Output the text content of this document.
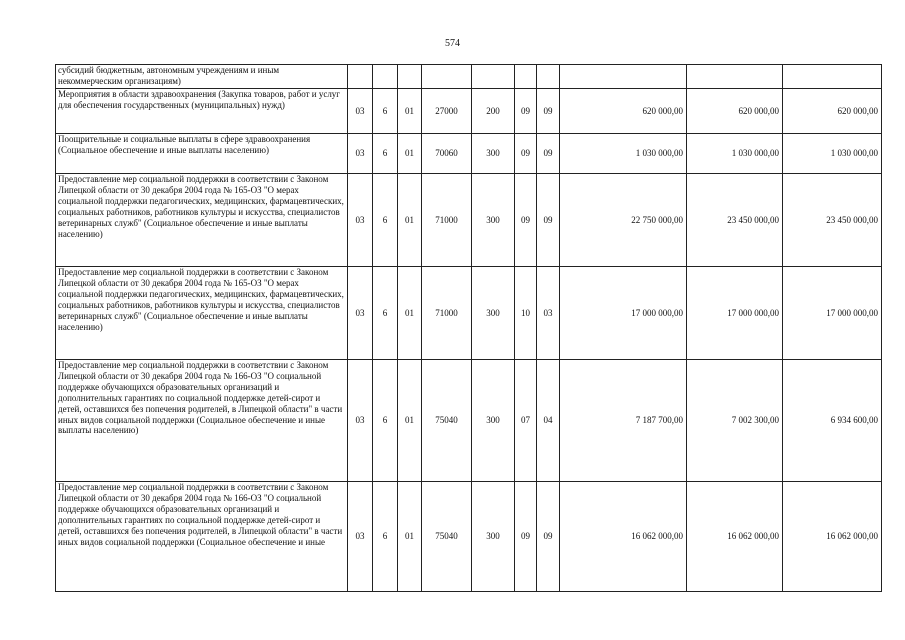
574
субсидий бюджетным, автономным учреждениям и иным некоммерческим организациям)										
Мероприятия в области здравоохранения (Закупка товаров, работ и услуг для обеспечения государственных (муниципальных) нужд)	03	6	01	27000	200	09	09	620 000,00	620 000,00	620 000,00
Поощрительные и социальные выплаты в сфере здравоохранения (Социальное обеспечение и иные выплаты населению)	03	6	01	70060	300	09	09	1 030 000,00	1 030 000,00	1 030 000,00
Предоставление мер социальной поддержки в соответствии с Законом Липецкой области от 30 декабря 2004 года № 165-ОЗ "О мерах социальной поддержки педагогических, медицинских, фармацевтических, социальных работников, работников культуры и искусства, специалистов ветеринарных служб" (Социальное обеспечение и иные выплаты населению)	03	6	01	71000	300	09	09	22 750 000,00	23 450 000,00	23 450 000,00
Предоставление мер социальной поддержки в соответствии с Законом Липецкой области от 30 декабря 2004 года № 165-ОЗ "О мерах социальной поддержки педагогических, медицинских, фармацевтических, социальных работников, работников культуры и искусства, специалистов ветеринарных служб" (Социальное обеспечение и иные выплаты населению)	03	6	01	71000	300	10	03	17 000 000,00	17 000 000,00	17 000 000,00
Предоставление мер социальной поддержки в соответствии с Законом Липецкой области от 30 декабря 2004 года № 166-ОЗ "О социальной поддержке обучающихся образовательных организаций и дополнительных гарантиях по социальной поддержке детей-сирот и детей, оставшихся без попечения родителей, в Липецкой области" в части иных видов социальной поддержки (Социальное обеспечение и иные выплаты населению)	03	6	01	75040	300	07	04	7 187 700,00	7 002 300,00	6 934 600,00
Предоставление мер социальной поддержки в соответствии с Законом Липецкой области от 30 декабря 2004 года № 166-ОЗ "О социальной поддержке обучающихся образовательных организаций и дополнительных гарантиях по социальной поддержке детей-сирот и детей, оставшихся без попечения родителей, в Липецкой области" в части иных видов социальной поддержки (Социальное обеспечение и иные	03	6	01	75040	300	09	09	16 062 000,00	16 062 000,00	16 062 000,00
